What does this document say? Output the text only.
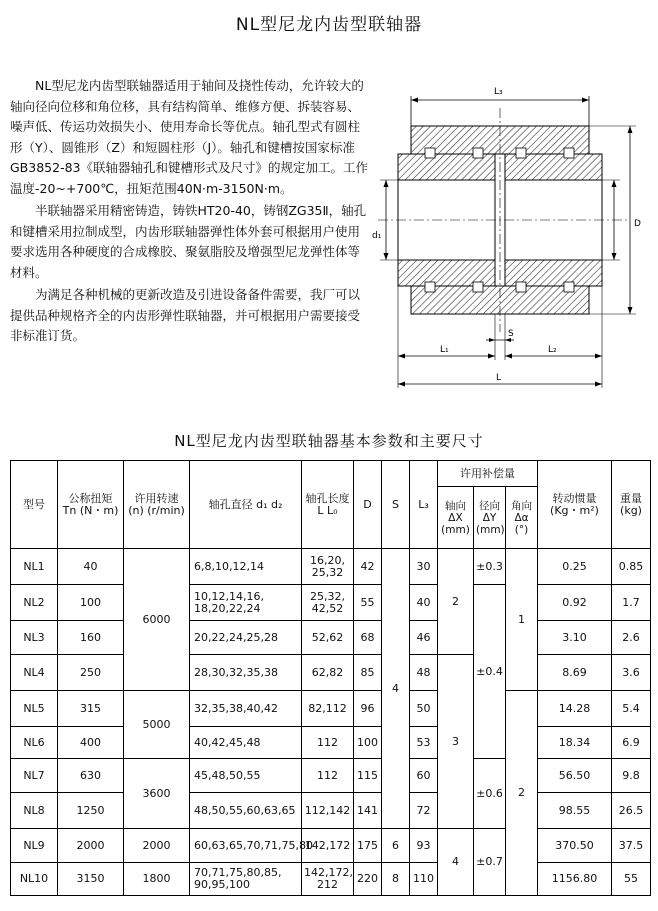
NL型尼龙内齿型联轴器

NL型尼龙内齿型联轴器适用于轴间及挠性传动，允许较大的轴向径向位移和角位移，具有结构简单、维修方便、拆装容易、噪声低、传运功效损失小、使用寿命长等优点。轴孔型式有圆柱形（Y）、圆锥形（Z）和短圆柱形（J）。轴孔和键槽按国家标准GB3852-83《联轴器轴孔和键槽形式及尺寸》的规定加工。工作温度-20~+700℃，扭矩范围40N·m-3150N·m。

半联轴器采用精密铸造，铸铁HT20-40，铸钢ZG35Ⅱ，轴孔和键槽采用拉制成型，内齿形联轴器弹性体外套可根据用户使用要求选用各种硬度的合成橡胶、聚氨脂胶及增强型尼龙弹性体等材料。

为满足各种机械的更新改造及引进设备备件需要，我厂可以提供品种规格齐全的内齿形弹性联轴器，并可根据用户需要接受非标准订货。

L₃
D
d₁
L₁	L₂
S
L
NL型尼龙内齿型联轴器基本参数和主要尺寸
型号	公称扭矩 Tn (N・m)	许用转速 (n) (r/min)	轴孔直径 d₁ d₂	轴孔长度 L L₀	D	S	L₃	许用补偿量			转动惯量 (Kg・m²)	重量 (kg)
								轴向 ΔX (mm)	径向 ΔY (mm)	角向 Δα (°)		
NL1	40	6000	6,8,10,12,14	16,20, 25,32	42	4	30	2	±0.3	1	0.25	0.85
NL2	100		10,12,14,16, 18,20,22,24	25,32, 42,52	55		40		±0.4		0.92	1.7
NL3	160		20,22,24,25,28	52,62	68		46				3.10	2.6
NL4	250		28,30,32,35,38	62,82	85		48	3			8.69	3.6
NL5	315	5000	32,35,38,40,42	82,112	96		50			2	14.28	5.4
NL6	400		40,42,45,48	112	100		53				18.34	6.9
NL7	630	3600	45,48,50,55	112	115		60		±0.6		56.50	9.8
NL8	1250		48,50,55,60,63,65	112,142	141		72				98.55	26.5
NL9	2000	2000	60,63,65,70,71,75,80	142,172	175	6	93	4	±0.7		370.50	37.5
NL10	3150	1800	70,71,75,80,85, 90,95,100	142,172, 212	220	8	110				1156.80	55
